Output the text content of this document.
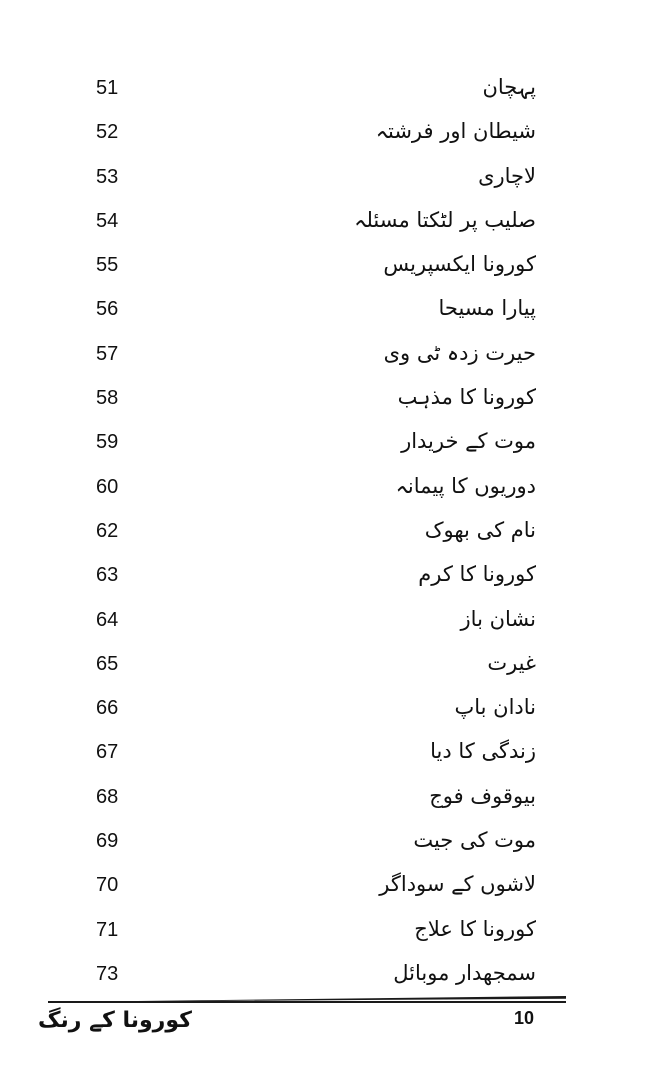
51	پہچان
52	شیطان اور فرشتہ
53	لاچاری
54	صلیب پر لٹکتا مسئلہ
55	کورونا ایکسپریس
56	پیارا مسیحا
57	حیرت زدہ ٹی وی
58	کورونا کا مذہب
59	موت کے خریدار
60	دوریوں کا پیمانہ
62	نام کی بھوک
63	کورونا کا کرم
64	نشان باز
65	غیرت
66	نادان باپ
67	زندگی کا دیا
68	بیوقوف فوج
69	موت کی جیت
70	لاشوں کے سوداگر
71	کورونا کا علاج
73	سمجھدار موبائل
10
کورونا کے رنگ
